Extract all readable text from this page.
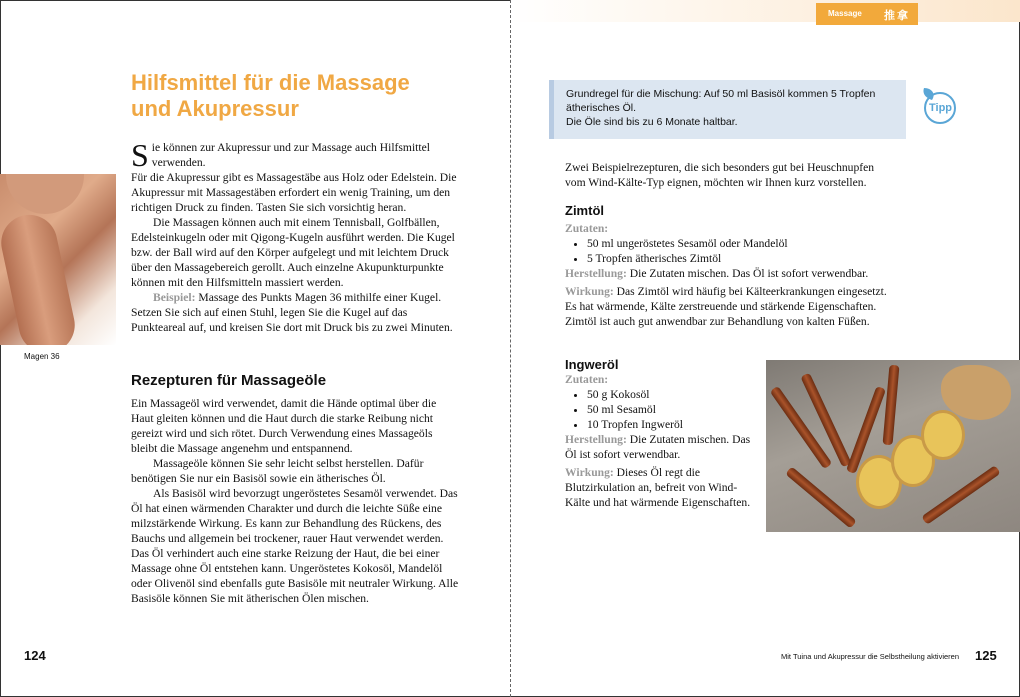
Hilfsmittel für die Massage
und Akupressur

Sie können zur Akupressur und zur Massage auch Hilfsmittel verwenden.

Für die Akupressur gibt es Massagestäbe aus Holz oder Edelstein. Die Akupressur mit Massagestäben erfordert ein wenig Training, um den richtigen Druck zu finden. Tasten Sie sich vorsichtig heran.

Die Massagen können auch mit einem Tennisball, Golfbällen, Edelsteinkugeln oder mit Qigong-Kugeln ausführt werden. Die Kugel bzw. der Ball wird auf den Körper aufgelegt und mit leichtem Druck über den Massagebereich gerollt. Auch einzelne Akupunkturpunkte können mit den Hilfsmitteln massiert werden.

Beispiel: Massage des Punkts Magen 36 mithilfe einer Kugel. Setzen Sie sich auf einen Stuhl, legen Sie die Kugel auf das Punkteareal auf, und kreisen Sie dort mit Druck bis zu zwei Minuten.

Magen 36
Rezepturen für Massageöle

Ein Massageöl wird verwendet, damit die Hände optimal über die Haut gleiten können und die Haut durch die starke Reibung nicht gereizt wird und sich rötet. Durch Verwendung eines Massageöls bleibt die Massage angenehm und entspannend.

Massageöle können Sie sehr leicht selbst herstellen. Dafür benötigen Sie nur ein Basisöl sowie ein ätherisches Öl.

Als Basisöl wird bevorzugt ungeröstetes Sesamöl verwendet. Das Öl hat einen wärmenden Charakter und durch die leichte Süße eine milzstärkende Wirkung. Es kann zur Behandlung des Rückens, des Bauchs und allgemein bei trockener, rauer Haut verwendet werden. Das Öl verhindert auch eine starke Reizung der Haut, die bei einer Massage ohne Öl entstehen kann. Ungeröstetes Kokosöl, Mandelöl oder Olivenöl sind ebenfalls gute Basisöle mit neutraler Wirkung. Alle Basisöle können Sie mit ätherischen Ölen mischen.

124
Massage 推拿
Grundregel für die Mischung: Auf 50 ml Basisöl kommen 5 Tropfen ätherisches Öl.
Die Öle sind bis zu 6 Monate haltbar.
Tipp
Zwei Beispielrezepturen, die sich besonders gut bei Heuschnupfen vom Wind-Kälte-Typ eignen, möchten wir Ihnen kurz vorstellen.
Zimtöl
Zutaten:
• 50 ml ungeröstetes Sesamöl oder Mandelöl
• 5 Tropfen ätherisches Zimtöl

Herstellung: Die Zutaten mischen. Das Öl ist sofort verwendbar.

Wirkung: Das Zimtöl wird häufig bei Kälteerkrankungen eingesetzt. Es hat wärmende, Kälte zerstreuende und stärkende Eigenschaften. Zimtöl ist auch gut anwendbar zur Behandlung von kalten Füßen.

Ingweröl
Zutaten:
• 50 g Kokosöl
• 50 ml Sesamöl
• 10 Tropfen Ingweröl

Herstellung: Die Zutaten mischen. Das Öl ist sofort verwendbar.

Wirkung: Dieses Öl regt die Blutzirkulation an, befreit von Wind-Kälte und hat wärmende Eigenschaften.

Mit Tuina und Akupressur die Selbstheilung aktivieren 125
